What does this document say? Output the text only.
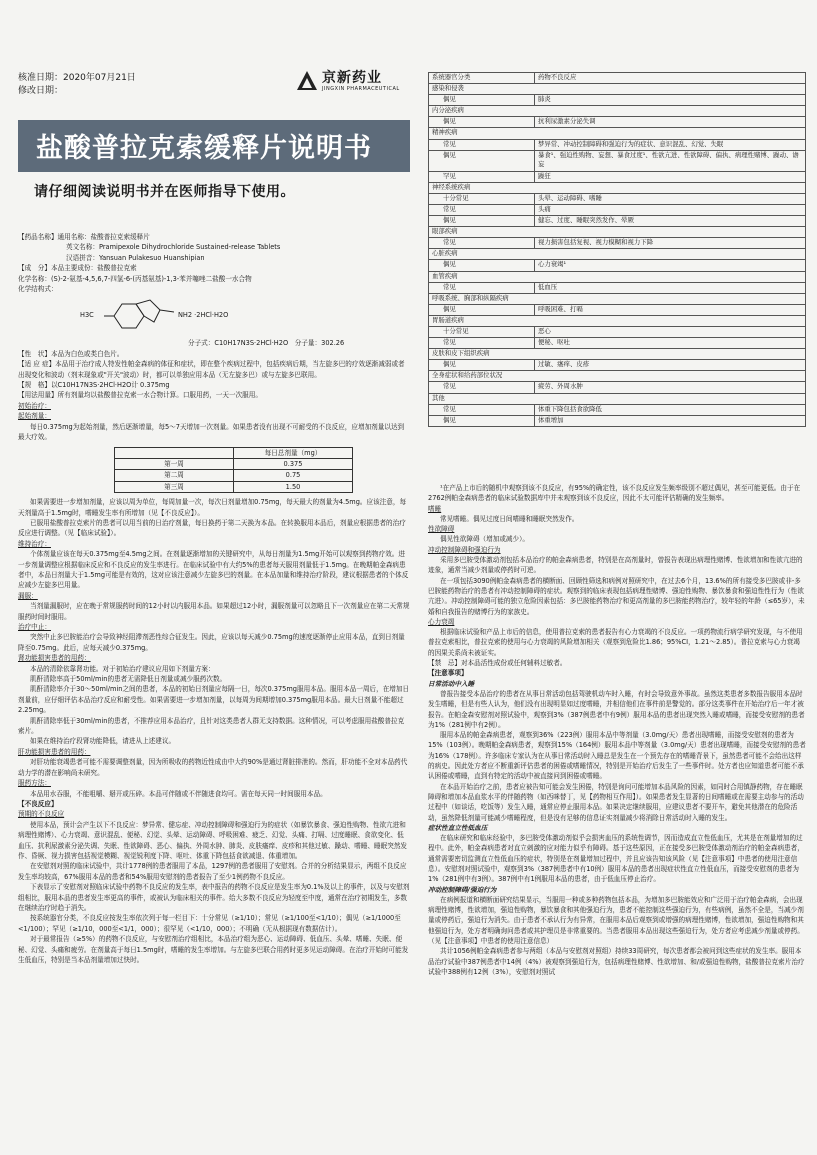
核准日期：2020年07月21日
修改日期：
京新药业
JINGXIN PHARMACEUTICAL
盐酸普拉克索缓释片说明书
请仔细阅读说明书并在医师指导下使用。

【药品名称】通用名称：盐酸普拉克索缓释片

英文名称：Pramipexole Dihydrochloride Sustained-release Tablets

汉语拼音：Yansuan Pulakesuo Huanshipian

【成　分】本品主要成份：盐酸普拉克索

化学名称：(S)-2-氨基-4,5,6,7-四氢-6-(丙基氨基)-1,3-苯并噻唑二盐酸一水合物

化学结构式：

H3C	NH2 ·2HCl·H2O

分子式：C10H17N3S·2HCl·H2O　分子量：302.26

【性　状】本品为白色或类白色片。

【适 应 症】本品用于治疗成人特发性帕金森病的体征和症状，即在整个疾病过程中，包括疾病后期，当左旋多巴的疗效逐渐减弱或者出现变化和波动（剂末现象或"开关"波动）时，都可以单独应用本品（无左旋多巴）或与左旋多巴联用。

【规　格】以C10H17N3S·2HCl·H2O计 0.375mg

【用法用量】所有剂量均以盐酸普拉克索一水合物计算。口服用药，一天一次服用。

初始治疗：

起始剂量：

每日0.375mg为起始剂量，然后逐渐增量，每5～7天增加一次剂量。如果患者没有出现不可耐受的不良反应，应增加剂量以达到最大疗效。

	每日总剂量（mg）
第一周	0.375
第二周	0.75
第三周	1.50

如果需要进一步增加剂量，应该以周为单位，每周加量一次，每次日剂量增加0.75mg，每天最大的剂量为4.5mg。应该注意，每天剂量高于1.5mg时，嗜睡发生率有所增加（见【不良反应】）。

已服用盐酸普拉克索片的患者可以用当前的日治疗剂量，每日换药于第二天换为本品。在转换服用本品后，剂量应根据患者的治疗反应进行调整。（见【临床试验】）。

维持治疗：

个体剂量应该在每天0.375mg至4.5mg之间。在剂量逐渐增加的关键研究中，从每日剂量为1.5mg开始可以观察到药物疗效。进一步剂量调整应根据临床反应和不良反应的发生率进行。在临床试验中有大约5%的患者每天服用剂量低于1.5mg。在晚期帕金森病患者中，本品日剂量大于1.5mg可能是有效的，这对应该注意减少左旋多巴的剂量。在本品加量和维持治疗阶段，建议根据患者的个体反应减少左旋多巴用量。

漏服：

当剂量漏服时，应在晚于常规服药时间的12小时以内服用本品。如果超过12小时，漏服剂量可以忽略且下一次剂量应在第二天常规服药时间时服用。

治疗中止：

突然中止多巴胺能治疗会导致神经阻滞剂恶性综合征发生。因此，应该以每天减少0.75mg的速度逐渐停止应用本品，直到日剂量降至0.75mg。此后，应每天减少0.375mg。

肾功能损害患者的用药：

本品的清除依靠肾功能。对于初始治疗建议应用如下剂量方案：

肌酐清除率高于50ml/min的患者无需降低日剂量或减少服药次数。

肌酐清除率介于30～50ml/min之间的患者，本品的初始日剂量应每隔一日，每次0.375mg服用本品。服用本品一周后，在增加日剂量前，应仔细评估本品治疗反应和耐受性。如果需要进一步增加剂量，以每周为间期增加0.375mg服用本品。最大日剂量不能超过2.25mg。

肌酐清除率低于30ml/min的患者，不推荐应用本品治疗，且针对这类患者人群无支持数据。这种情况，可以考虑服用盐酸普拉克索片。

如果在维持治疗段肾功能降低，请进从上述建议。

肝功能损害患者的用药：

对肝功能衰竭患者可能不需要调整剂量，因为所吸收的药物近性成由中大约90%是通过肾脏排泄的。然而，肝功能不全对本品药代动力学的潜在影响尚未研究。

服药方法：

本品用水吞服，不能咀嚼、掰开或压碎。本品可伴随或不伴随进食均可。需在每天同一时间服用本品。

【不良反应】

预期的不良反应

使用本品，预计会产生以下不良反应：梦异常、健忘症、冲动控制障碍和强迫行为的症状（如暴饮暴食、强迫性购物、性欲亢进和病理性赌博）、心力衰竭、意识混乱、便秘、幻觉、头晕、运动障碍、呼吸困难、疲乏、幻觉、头痛、打嗝、过度睡眠、食欲变化、低血压、抗利尿激素分泌失调、失眠、性欲障碍、恶心、偏执、外周水肿、肺炎、皮肤瘙痒、皮疹和其他过敏、躁动、嗜睡、睡眠突然发作、昏厥、视力损害包括视觉模糊、视觉锐利度下降、呕吐、体重下降包括食欲减退、体重增加。

在安慰剂对照的临床试验中，共计1778例的患者服用了本品，1297例的患者服用了安慰剂。合并的分析结果显示，两组不良反应发生率均较高，67%服用本品的患者和54%服用安慰剂的患者报告了至少1例药物不良反应。

下表显示了安慰剂对照临床试验中药物不良反应的发生率，表中报告的药物不良反应是发生率为0.1%及以上的事件，以及与安慰剂组相比，服用本品的患者发生率更高的事件，或被认为临床相关的事件。给大多数不良反应为轻度至中度，通常在治疗初期发生，多数在继续治疗时趋于消失。

按系统器官分类，不良反应按发生率依次列于每一栏目下：十分常见（≥1/10）；常见（≥1/100至<1/10）；偶见（≥1/1000至<1/100）；罕见（≥1/10，000至<1/1，000）；很罕见（<1/10，000）；不明确（无从根据现有数据估计）。

对于最常报告（≥5%）的药物不良反应，与安慰剂治疗组相比，本品治疗组为恶心、运动障碍、低血压、头晕、嗜睡、失眠、便秘、幻觉、头痛和疲劳。在剂量高于每日1.5mg时，嗜睡的发生率增加。与左旋多巴联合用药时更多见运动障碍。在治疗开始时可能发生低血压，特别是当本品剂量增加过快时。

系统器官分类	药物不良反应
感染和侵袭	
偶见	肺炎
内分泌疾病	
偶见	抗利尿激素分泌失调
精神疾病	
常见	梦异常、冲动控制障碍和强迫行为的症状、意识混乱、幻觉、失眠
偶见	暴食¹、强迫性购物、妄想、暴食过度¹、性欲亢进、性欲障碍、偏执、病理性赌博、躁动、谵妄
罕见	躁狂
神经系统疾病	
十分常见	头晕、运动障碍、嗜睡
常见	头痛
偶见	健忘、过度、睡眠突然发作、晕厥
眼部疾病	
常见	视力损害包括复视、视力模糊和视力下降
心脏疾病	
偶见	心力衰竭¹
血管疾病	
常见	低血压
呼吸系统、胸部和纵隔疾病	
偶见	呼吸困难、打嗝
胃肠道疾病	
十分常见	恶心
常见	便秘、呕吐
皮肤和皮下组织疾病	
偶见	过敏、瘙痒、皮疹
全身症状和给药部位状况	
常见	疲劳、外周水肿
其他	
常见	体重下降包括食欲降低
偶见	体重增加

¹在产品上市后的随机中观察到该不良反应，有95%的确定性，该不良反应发生频率级别不超过偶见，甚至可能更低。由于在2762例帕金森病患者的临床试验数据库中并未观察到该不良反应，因此不太可能评估精确的发生频率。

嗜睡

常见嗜睡。偶见过度日间嗜睡和睡眠突然发作。

性欲障碍

偶见性欲障碍（增加或减少）。

冲动控制障碍和强迫行为

采用多巴胺受体激动剂包括本品治疗的帕金森病患者，特别是在高剂量时，曾报告表现出病理性赌博、性欲增加和性欲亢进的迹象，通常当减少剂量或停药时可逆。

在一项包括3090例帕金森病患者的横断面、回顾性筛选和病例对照研究中，在过去6个月，13.6%的所有接受多巴胺或非-多巴胺能药物治疗的患者有冲动控制障碍的症状。观察到的临床表现包括病理性赌博、强迫性购物、暴饮暴食和强迫性性行为（性欲亢进）。冲动控制障碍可能的独立危险因素包括：多巴胺能药物治疗和更高剂量的多巴胺能药物治疗，较年轻的年龄（≤65岁），未婚和自我报告的赌博行为的家族史。

心力衰竭

根据临床试验和产品上市后的信息，使用普拉克索的患者报告有心力衰竭的不良反应。一项药物流行病学研究发现，与不使用普拉克索相比，普拉克索的使用与心力衰竭的风险增加相关（观察到危险比1.86；95%CI，1.21～2.85）。普拉克索与心力衰竭的因果关系尚未被证实。

【禁　忌】对本品活性成份或任何辅料过敏者。

【注意事项】

日常活动中入睡

曾报告接受本品治疗的患者在从事日常活动包括驾驶机动车时入睡，有时会导致意外事故。虽然这类患者多数报告服用本品时发生嗜睡，但是有些人认为，他们没有出现明显如过度嗜睡，并相信他们在事件前是警觉的。部分这类事件在开始治疗后一年才被报告。在帕金森安慰剂对照试验中，观察到3%（387例患者中有9例）服用本品的患者出现突然入睡或嗜睡，而接受安慰剂的患者为1%（281例中有2例）。

服用本品的帕金森病患者，观察到36%（223例）服用本品中等剂量（3.0mg/天）患者出现嗜睡，而接受安慰剂的患者为15%（103例）。晚期帕金森病患者，观察到15%（164例）服用本品中等剂量（3.0mg/天）患者出现嗜睡，而接受安慰剂的患者为16%（178例）。许多临床专家认为在从事日常活动时入睡总是发生在一个预先存在的嗜睡背景下，虽然患者可能不会给出这样的病史。因此处方者应不断重新评估患者的困倦或嗜睡情况，特别是开始治疗后发生了一些事件时。处方者也应知道患者可能不承认困倦或嗜睡，直到有特定的活动中被直接问到困倦或嗜睡。

在本品开始治疗之前，患者应被告知可能会发生困倦，特别是询问可能增加本品风险的因素，如同时合用镇静药物，存在睡眠障碍和增加本品血浆水平的伴随药物（如西咪替丁，见【药物相互作用】）。如果患者发生显著的日间嗜睡或在需要主动参与的活动过程中（如谈话，吃饭等）发生入睡，通常应停止服用本品。如果决定继续服用，应建议患者不要开车，避免其他潜在的危险活动，虽然降低剂量可能减少嗜睡程度，但是没有足够的信息证实剂量减少将消除日常活动时入睡的发生。

症状性直立性低血压

在临床研究和临床经验中，多巴胺受体激动剂似乎会损害血压的系统性调节，因而造成直立性低血压，尤其是在剂量增加的过程中。此外，帕金森病患者对直立刺激的应对能力似乎有障碍。基于这些原因，正在接受多巴胺受体激动剂治疗的帕金森病患者，通常需要密切监测直立性低血压的症状，特别是在剂量增加过程中，并且应该告知该风险（见【注意事项】中患者的使用注意信息）。安慰剂对照试验中，观察到3%（387例患者中有10例）服用本品的患者出现症状性直立性低血压，而接受安慰剂的患者为1%（281例中有3例）。387例中有1例服用本品的患者，由于低血压停止治疗。

冲动控制障碍/强迫行为

在病例报道和横断面研究结果显示，当服用一种或多种药物包括本品，为增加多巴胺能效应和广泛用于治疗帕金森病，会出现病理性赌博，性欲增加，强迫性购物，暴饮暴食和其他强迫行为，患者不能控制这些强迫行为，有些病例，虽然不全是，当减少剂量或停药后，强迫行为消失。由于患者不承认行为有异常，在服用本品后观察到或增强的病理性赌博，性欲增加，强迫性购物和其他强迫行为，处方者明确询问患者或其护理员是非常重要的。当患者服用本品出现这些强迫行为，处方者应考虑减少剂量或停药。（见【注意事项】中患者的使用注意信息）

共计1056例帕金森病患者参与两组（本品与安慰剂对照组）持续33周研究，每次患者都会被问到这些症状的发生率。服用本品治疗试验中387例患者中14例（4%）被观察到强迫行为，包括病理性赌博、性欲增加、和/或强迫性购物，盐酸普拉克索片治疗试验中388例有12例（3%），安慰剂对照试
